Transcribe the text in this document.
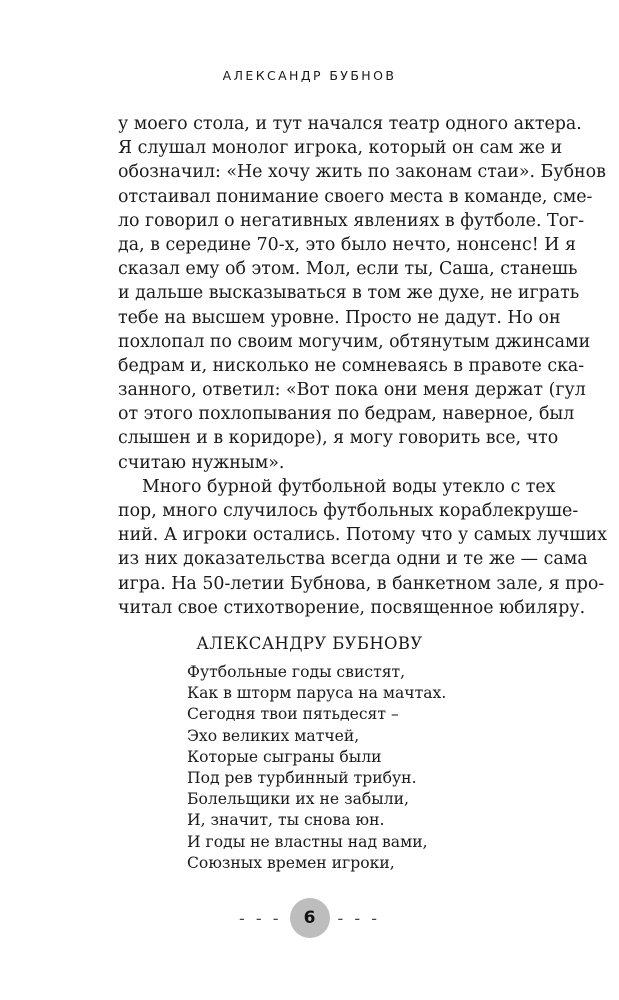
АЛЕКСАНДР БУБНОВ
у моего стола, и тут начался театр одного актера.
Я слушал монолог игрока, который он сам же и
обозначил: «Не хочу жить по законам стаи». Бубнов
отстаивал понимание своего места в команде, сме-
ло говорил о негативных явлениях в футболе. Тог-
да, в середине 70-х, это было нечто, нонсенс! И я
сказал ему об этом. Мол, если ты, Саша, станешь
и дальше высказываться в том же духе, не играть
тебе на высшем уровне. Просто не дадут. Но он
похлопал по своим могучим, обтянутым джинсами
бедрам и, нисколько не сомневаясь в правоте ска-
занного, ответил: «Вот пока они меня держат (гул
от этого похлопывания по бедрам, наверное, был
слышен и в коридоре), я могу говорить все, что
считаю нужным».
Много бурной футбольной воды утекло с тех
пор, много случилось футбольных кораблекруше-
ний. А игроки остались. Потому что у самых лучших
из них доказательства всегда одни и те же — сама
игра. На 50-летии Бубнова, в банкетном зале, я про-
читал свое стихотворение, посвященное юбиляру.
АЛЕКСАНДРУ БУБНОВУ
Футбольные годы свистят,
Как в шторм паруса на мачтах.
Сегодня твои пятьдесят –
Эхо великих матчей,
Которые сыграны были
Под рев турбинный трибун.
Болельщики их не забыли,
И, значит, ты снова юн.
И годы не властны над вами,
Союзных времен игроки,
- - -	6	- - -
